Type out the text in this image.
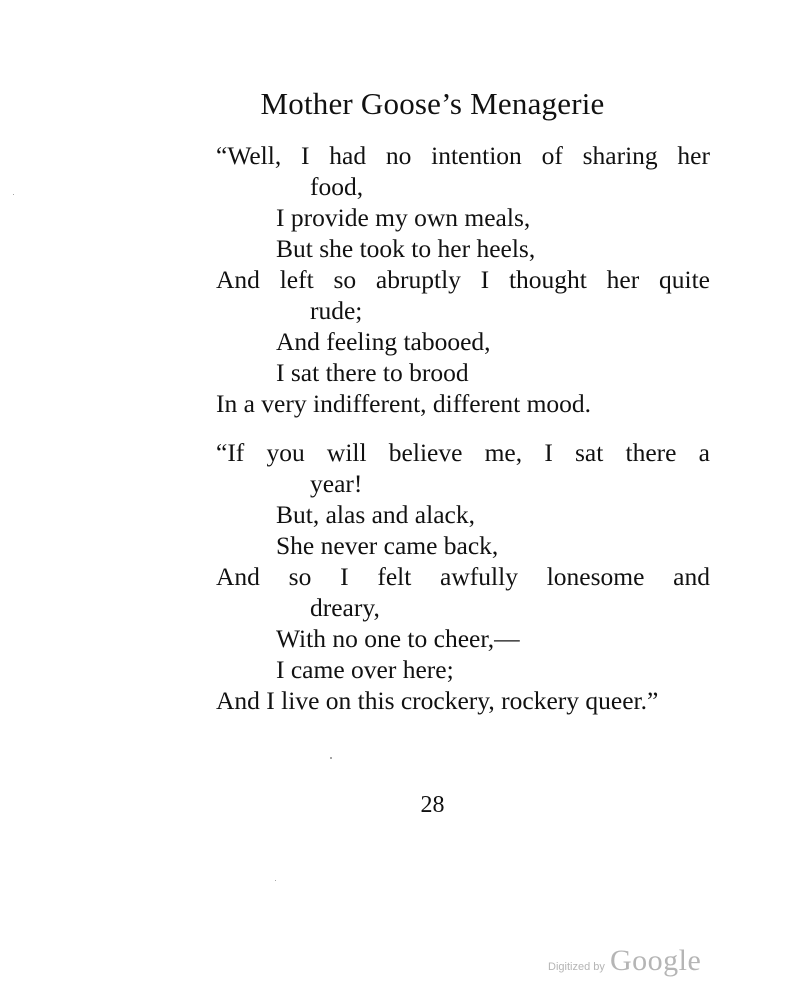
Mother Goose’s Menagerie
“Well, I had no intention of sharing her
food,
I provide my own meals,
But she took to her heels,
And left so abruptly I thought her quite
rude;
And feeling tabooed,
I sat there to brood
In a very indifferent, different mood.
“If you will believe me, I sat there a
year!
But, alas and alack,
She never came back,
And so I felt awfully lonesome and
dreary,
With no one to cheer,—
I came over here;
And I live on this crockery, rockery queer.”
28
Digitized by Google
